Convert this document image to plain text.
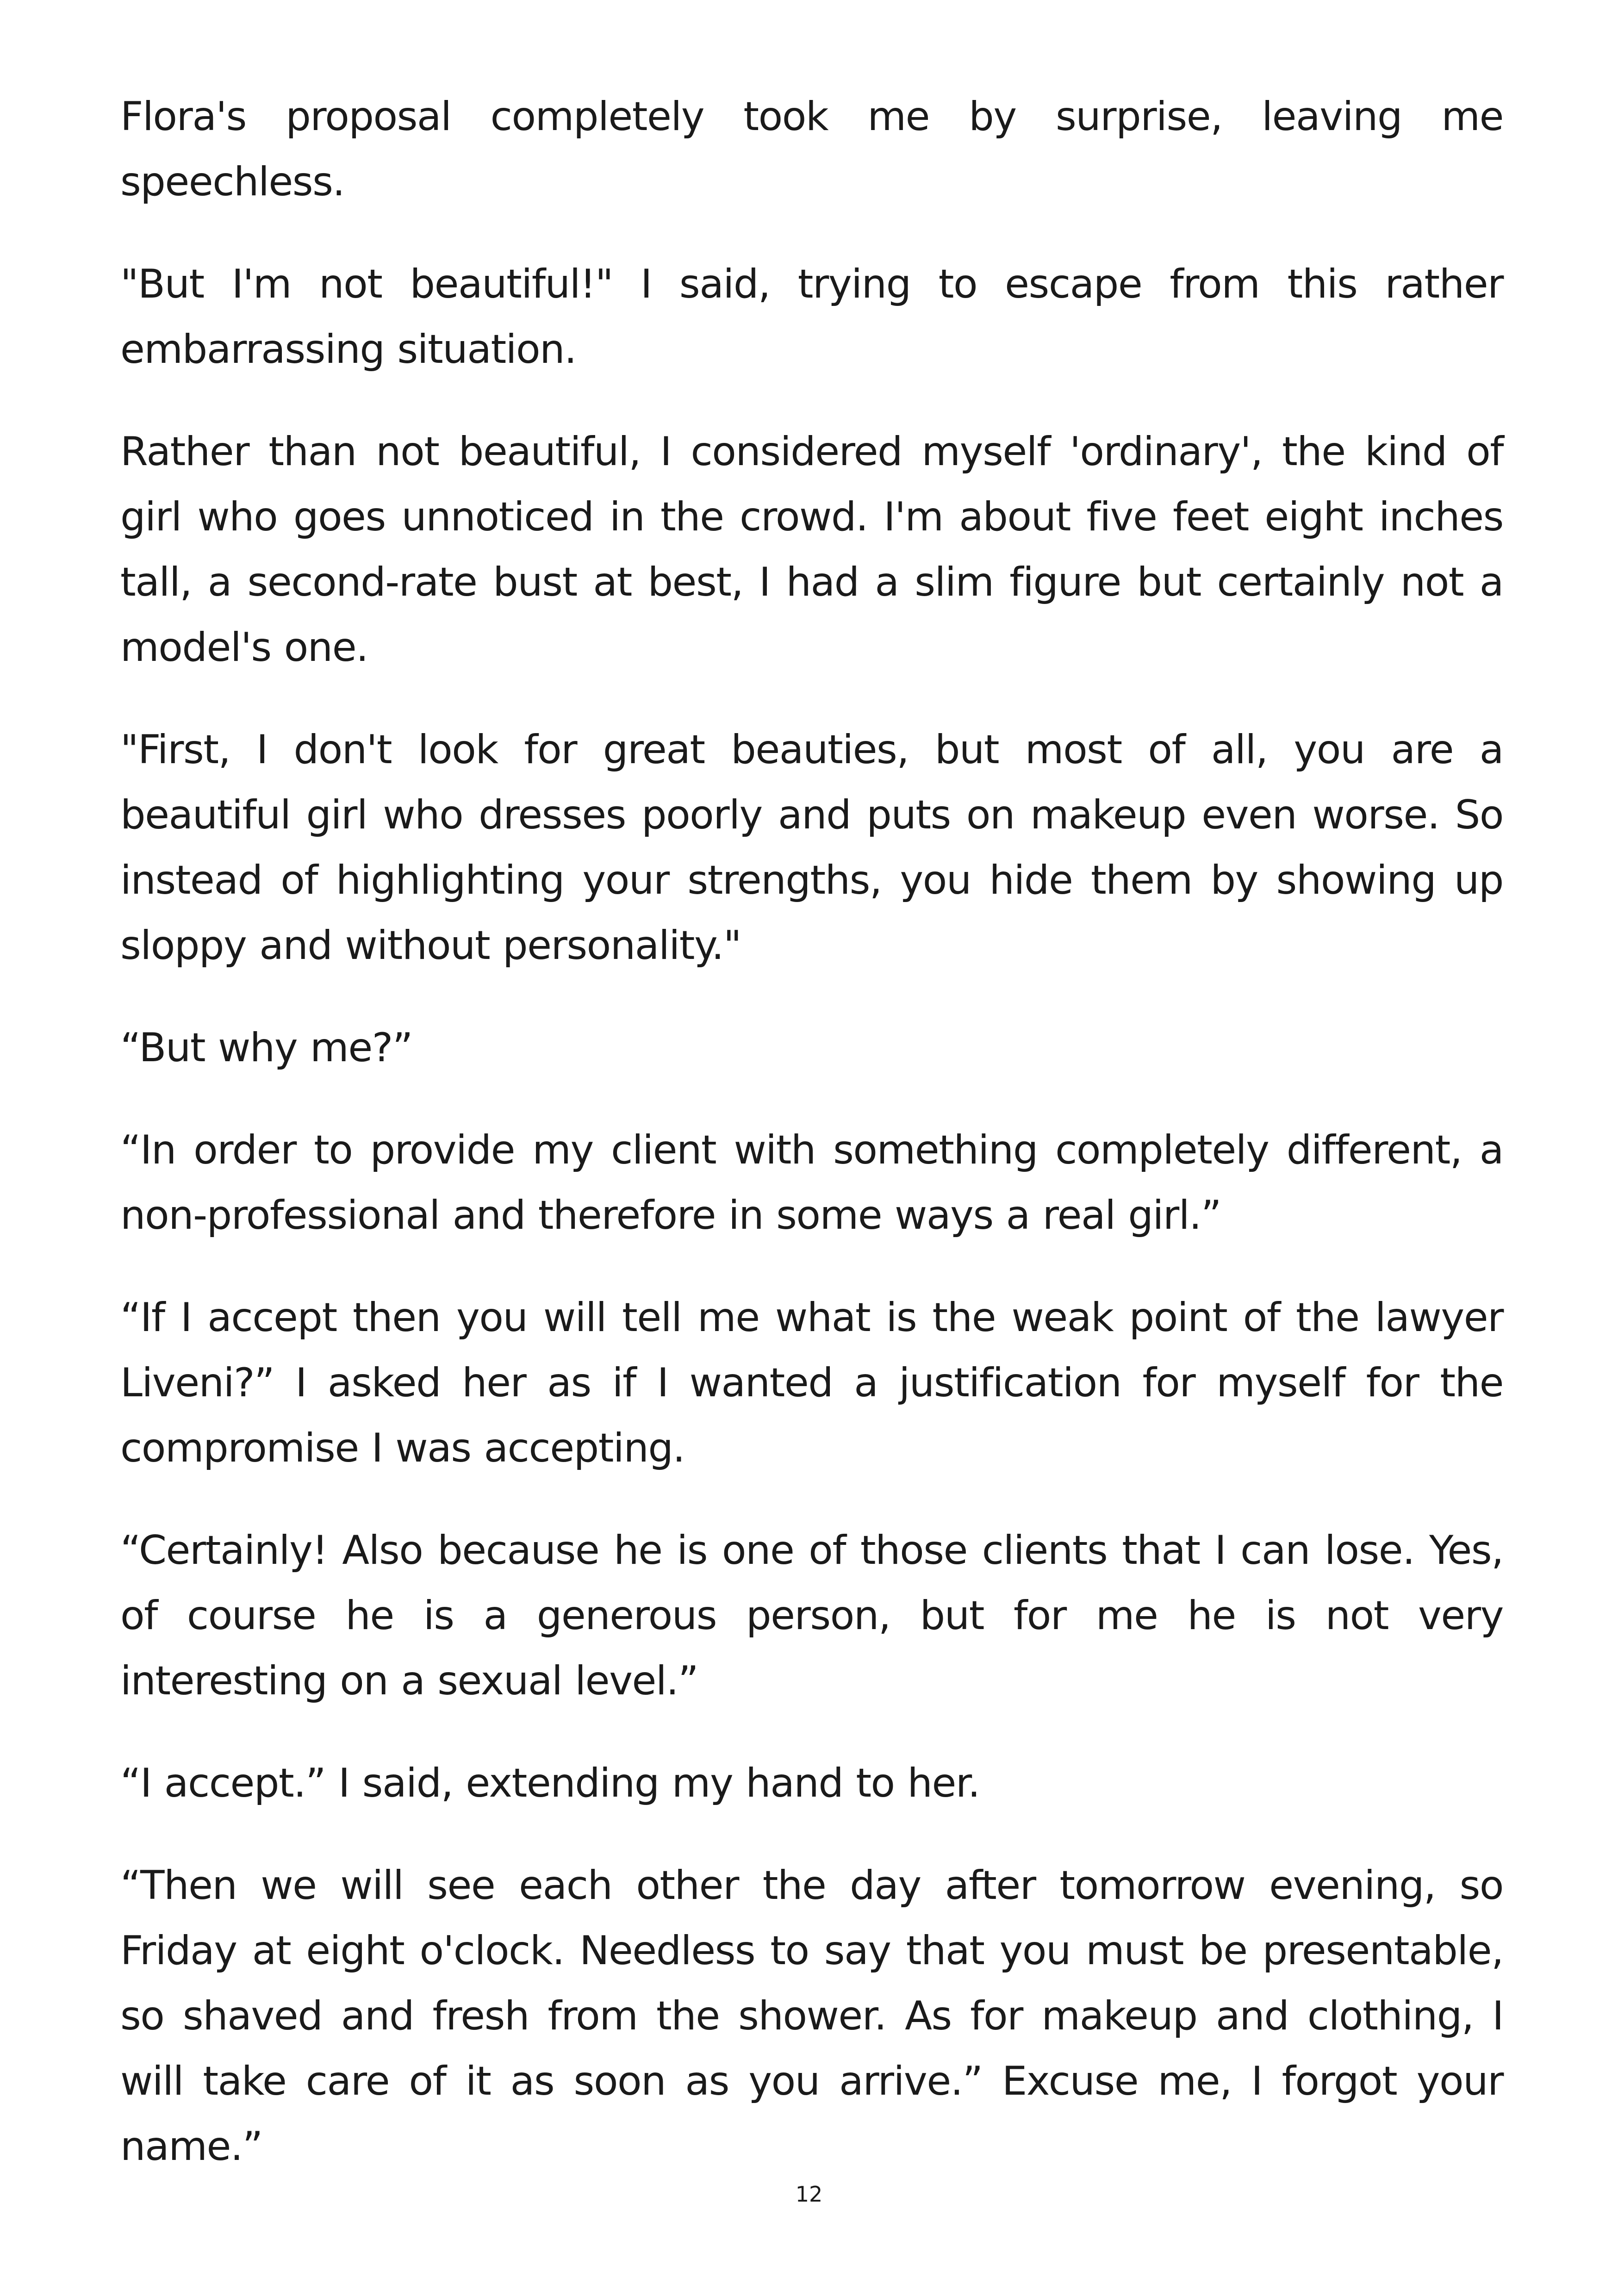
Flora's proposal completely took me by surprise, leaving me speechless.

"But I'm not beautiful!" I said, trying to escape from this rather embarrassing situation.

Rather than not beautiful, I considered myself 'ordinary', the kind of girl who goes unnoticed in the crowd. I'm about five feet eight inches tall, a second-rate bust at best, I had a slim figure but certainly not a model's one.

"First, I don't look for great beauties, but most of all, you are a beautiful girl who dresses poorly and puts on makeup even worse. So instead of highlighting your strengths, you hide them by showing up sloppy and without personality."

“But why me?”

“In order to provide my client with something completely different, a non-professional and therefore in some ways a real girl.”

“If I accept then you will tell me what is the weak point of the lawyer Liveni?” I asked her as if I wanted a justification for myself for the compromise I was accepting.

“Certainly! Also because he is one of those clients that I can lose. Yes, of course he is a generous person, but for me he is not very interesting on a sexual level.”

“I accept.” I said, extending my hand to her.

“Then we will see each other the day after tomorrow evening, so Friday at eight o'clock. Needless to say that you must be presentable, so shaved and fresh from the shower. As for makeup and clothing, I will take care of it as soon as you arrive.” Excuse me, I forgot your name.”

12
